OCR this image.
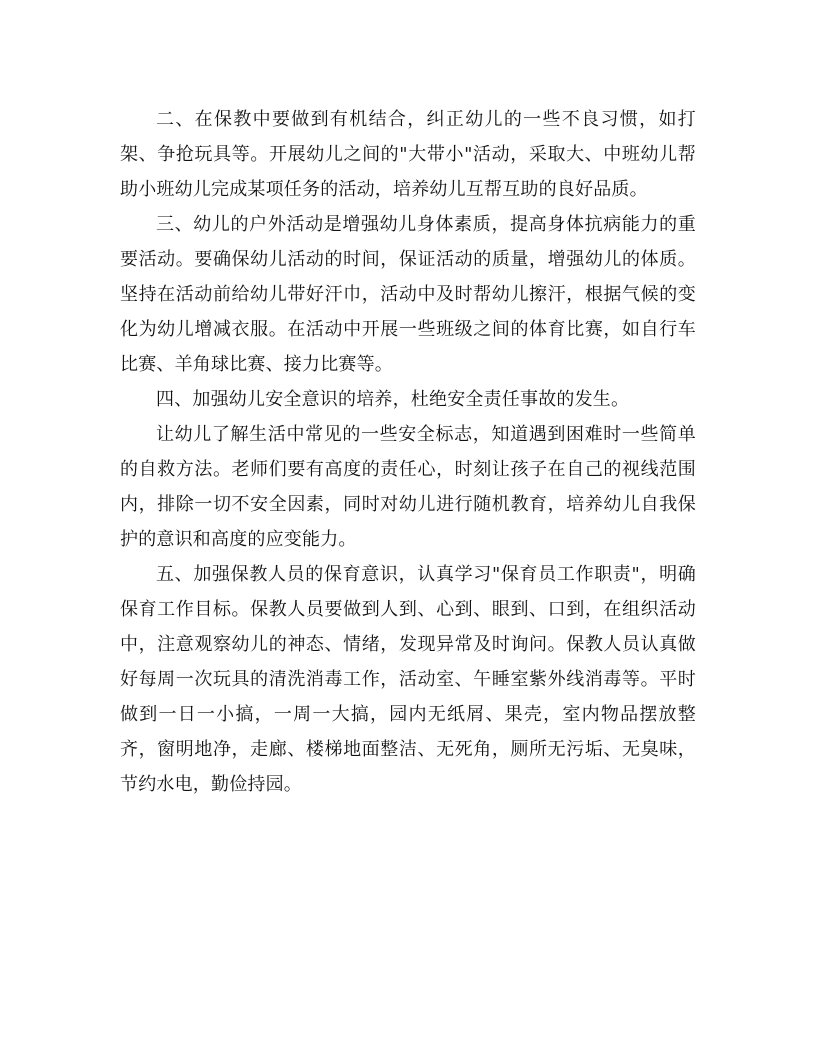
二、在保教中要做到有机结合，纠正幼儿的一些不良习惯，如打架、争抢玩具等。开展幼儿之间的"大带小"活动，采取大、中班幼儿帮助小班幼儿完成某项任务的活动，培养幼儿互帮互助的良好品质。

三、幼儿的户外活动是增强幼儿身体素质，提高身体抗病能力的重要活动。要确保幼儿活动的时间，保证活动的质量，增强幼儿的体质。坚持在活动前给幼儿带好汗巾，活动中及时帮幼儿擦汗，根据气候的变化为幼儿增减衣服。在活动中开展一些班级之间的体育比赛，如自行车比赛、羊角球比赛、接力比赛等。

四、加强幼儿安全意识的培养，杜绝安全责任事故的发生。

让幼儿了解生活中常见的一些安全标志，知道遇到困难时一些简单的自救方法。老师们要有高度的责任心，时刻让孩子在自己的视线范围内，排除一切不安全因素，同时对幼儿进行随机教育，培养幼儿自我保护的意识和高度的应变能力。

五、加强保教人员的保育意识，认真学习"保育员工作职责"，明确保育工作目标。保教人员要做到人到、心到、眼到、口到，在组织活动中，注意观察幼儿的神态、情绪，发现异常及时询问。保教人员认真做好每周一次玩具的清洗消毒工作，活动室、午睡室紫外线消毒等。平时做到一日一小搞，一周一大搞，园内无纸屑、果壳，室内物品摆放整齐，窗明地净，走廊、楼梯地面整洁、无死角，厕所无污垢、无臭味，节约水电，勤俭持园。
